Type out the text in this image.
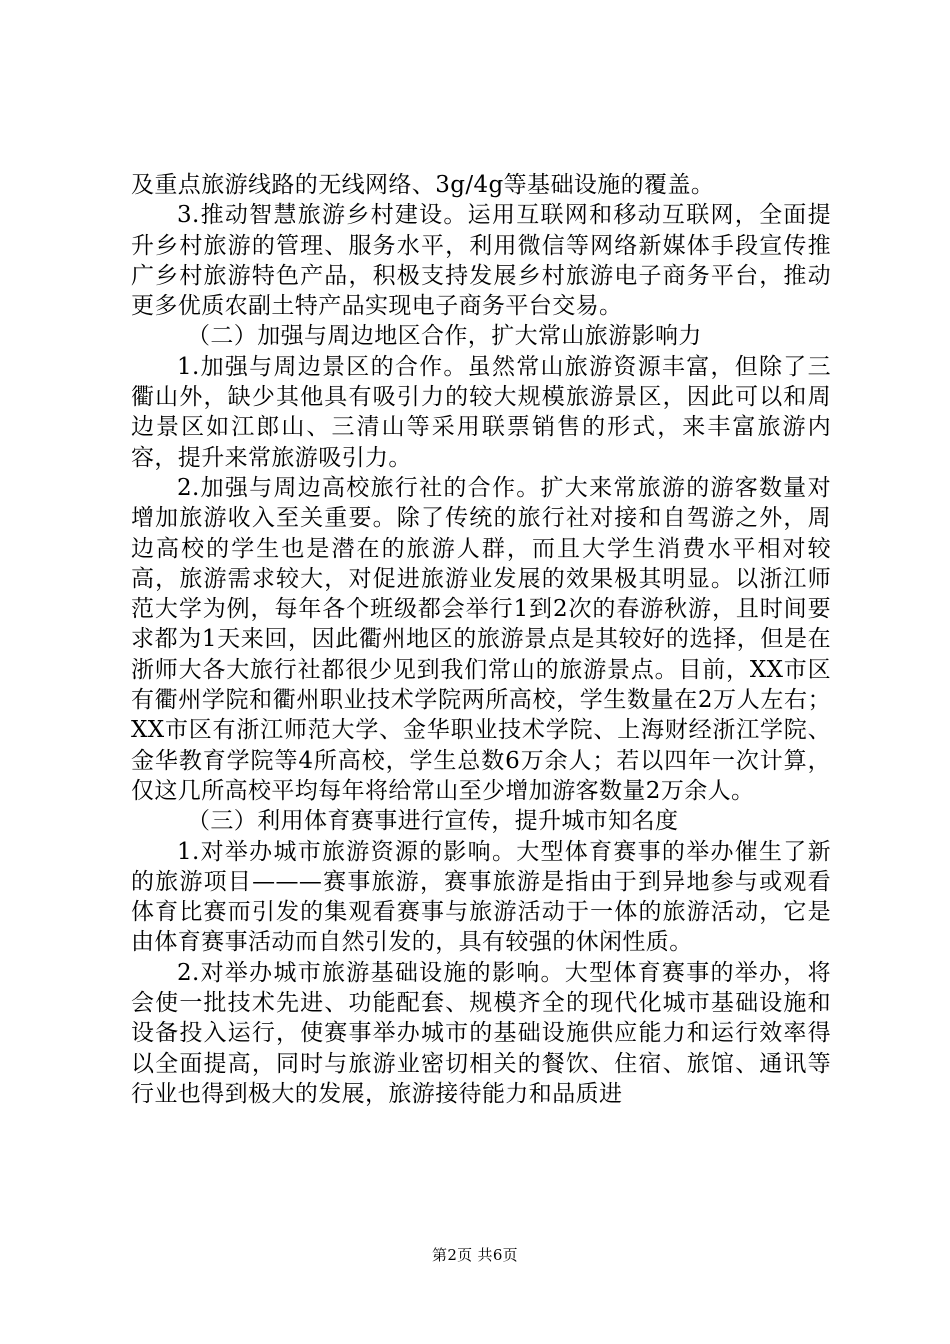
及重点旅游线路的无线网络、3g/4g等基础设施的覆盖。

3.推动智慧旅游乡村建设。运用互联网和移动互联网，全面提升乡村旅游的管理、服务水平，利用微信等网络新媒体手段宣传推广乡村旅游特色产品，积极支持发展乡村旅游电子商务平台，推动更多优质农副土特产品实现电子商务平台交易。

（二）加强与周边地区合作，扩大常山旅游影响力

1.加强与周边景区的合作。虽然常山旅游资源丰富，但除了三衢山外，缺少其他具有吸引力的较大规模旅游景区，因此可以和周边景区如江郎山、三清山等采用联票销售的形式，来丰富旅游内容，提升来常旅游吸引力。

2.加强与周边高校旅行社的合作。扩大来常旅游的游客数量对增加旅游收入至关重要。除了传统的旅行社对接和自驾游之外，周边高校的学生也是潜在的旅游人群，而且大学生消费水平相对较高，旅游需求较大，对促进旅游业发展的效果极其明显。以浙江师范大学为例，每年各个班级都会举行1到2次的春游秋游，且时间要求都为1天来回，因此衢州地区的旅游景点是其较好的选择，但是在浙师大各大旅行社都很少见到我们常山的旅游景点。目前，XX市区有衢州学院和衢州职业技术学院两所高校，学生数量在2万人左右；XX市区有浙江师范大学、金华职业技术学院、上海财经浙江学院、金华教育学院等4所高校，学生总数6万余人；若以四年一次计算，仅这几所高校平均每年将给常山至少增加游客数量2万余人。

（三）利用体育赛事进行宣传，提升城市知名度

1.对举办城市旅游资源的影响。大型体育赛事的举办催生了新的旅游项目———赛事旅游，赛事旅游是指由于到异地参与或观看体育比赛而引发的集观看赛事与旅游活动于一体的旅游活动，它是由体育赛事活动而自然引发的，具有较强的休闲性质。

2.对举办城市旅游基础设施的影响。大型体育赛事的举办，将会使一批技术先进、功能配套、规模齐全的现代化城市基础设施和设备投入运行，使赛事举办城市的基础设施供应能力和运行效率得以全面提高，同时与旅游业密切相关的餐饮、住宿、旅馆、通讯等行业也得到极大的发展，旅游接待能力和品质进

第2页 共6页
